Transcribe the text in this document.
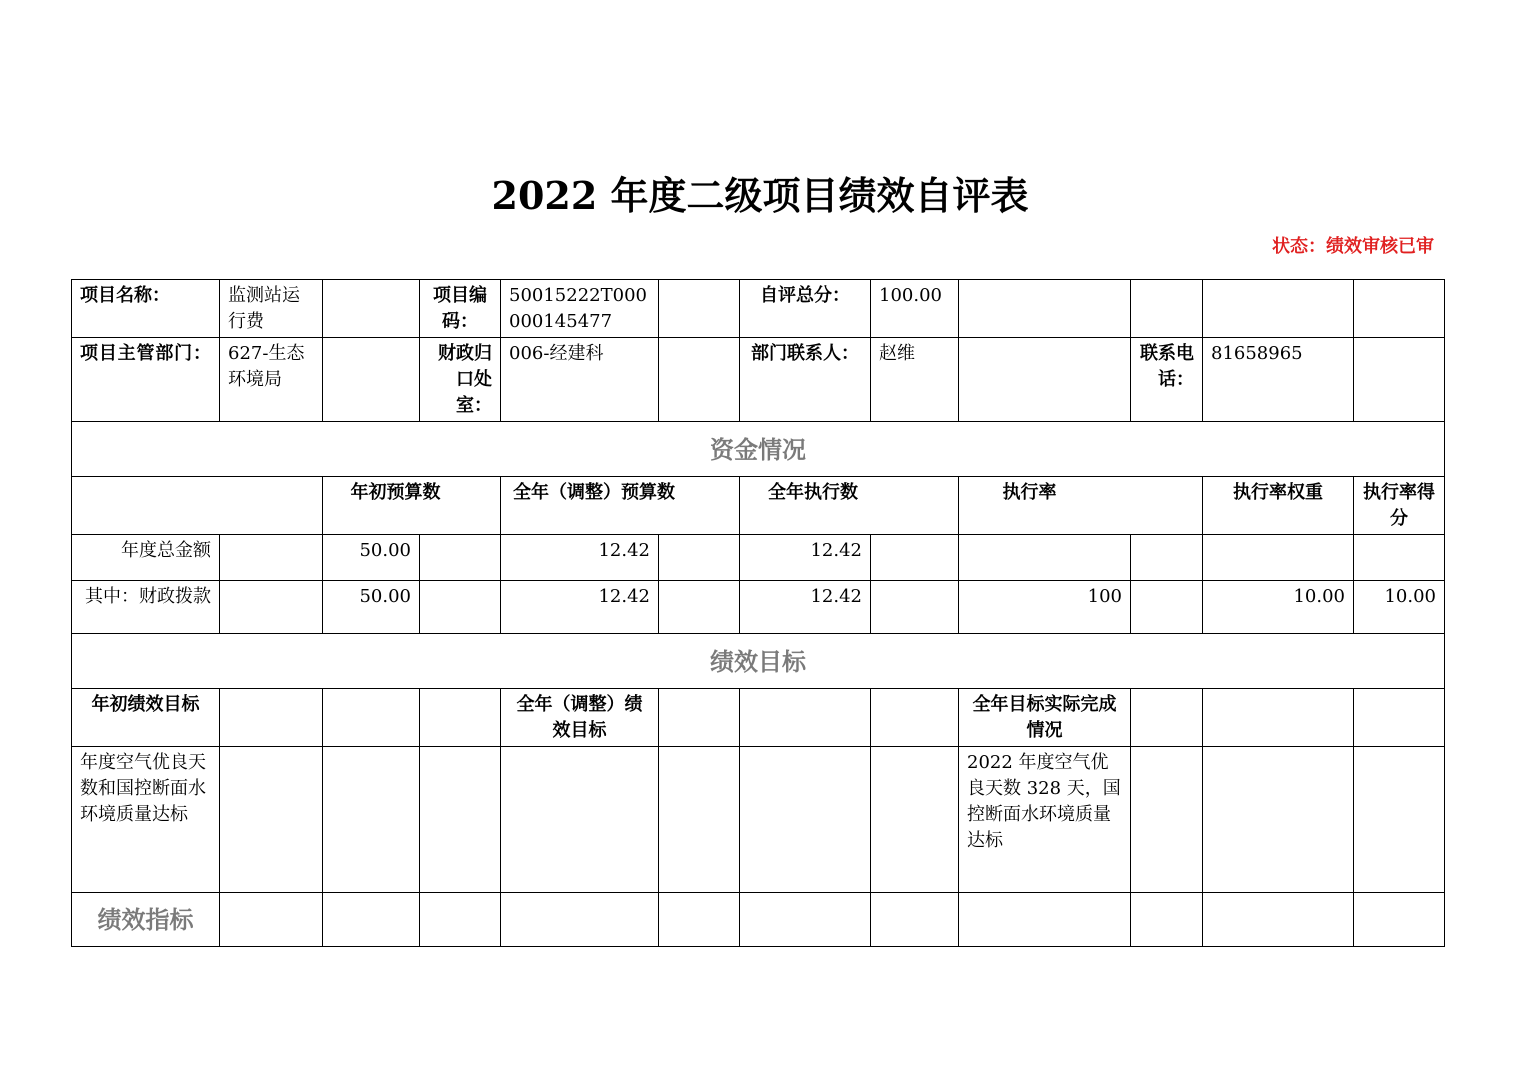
2022 年度二级项目绩效自评表
状态：绩效审核已审
项目名称：	监测站运行费		项目编码：	50015222T000000145477		自评总分：	100.00				
项目主管部门：	627-生态环境局		财政归口处室：	006-经建科		部门联系人：	赵维		联系电话：	81658965	
资金情况											
		年初预算数		全年（调整）预算数		全年执行数		执行率		执行率权重	执行率得分
年度总金额		50.00		12.42		12.42					
其中：财政拨款		50.00		12.42		12.42		100		10.00	10.00
绩效目标											
年初绩效目标				全年（调整）绩效目标				全年目标实际完成情况			
年度空气优良天数和国控断面水环境质量达标								2022 年度空气优良天数 328 天，国控断面水环境质量达标			
绩效指标											
